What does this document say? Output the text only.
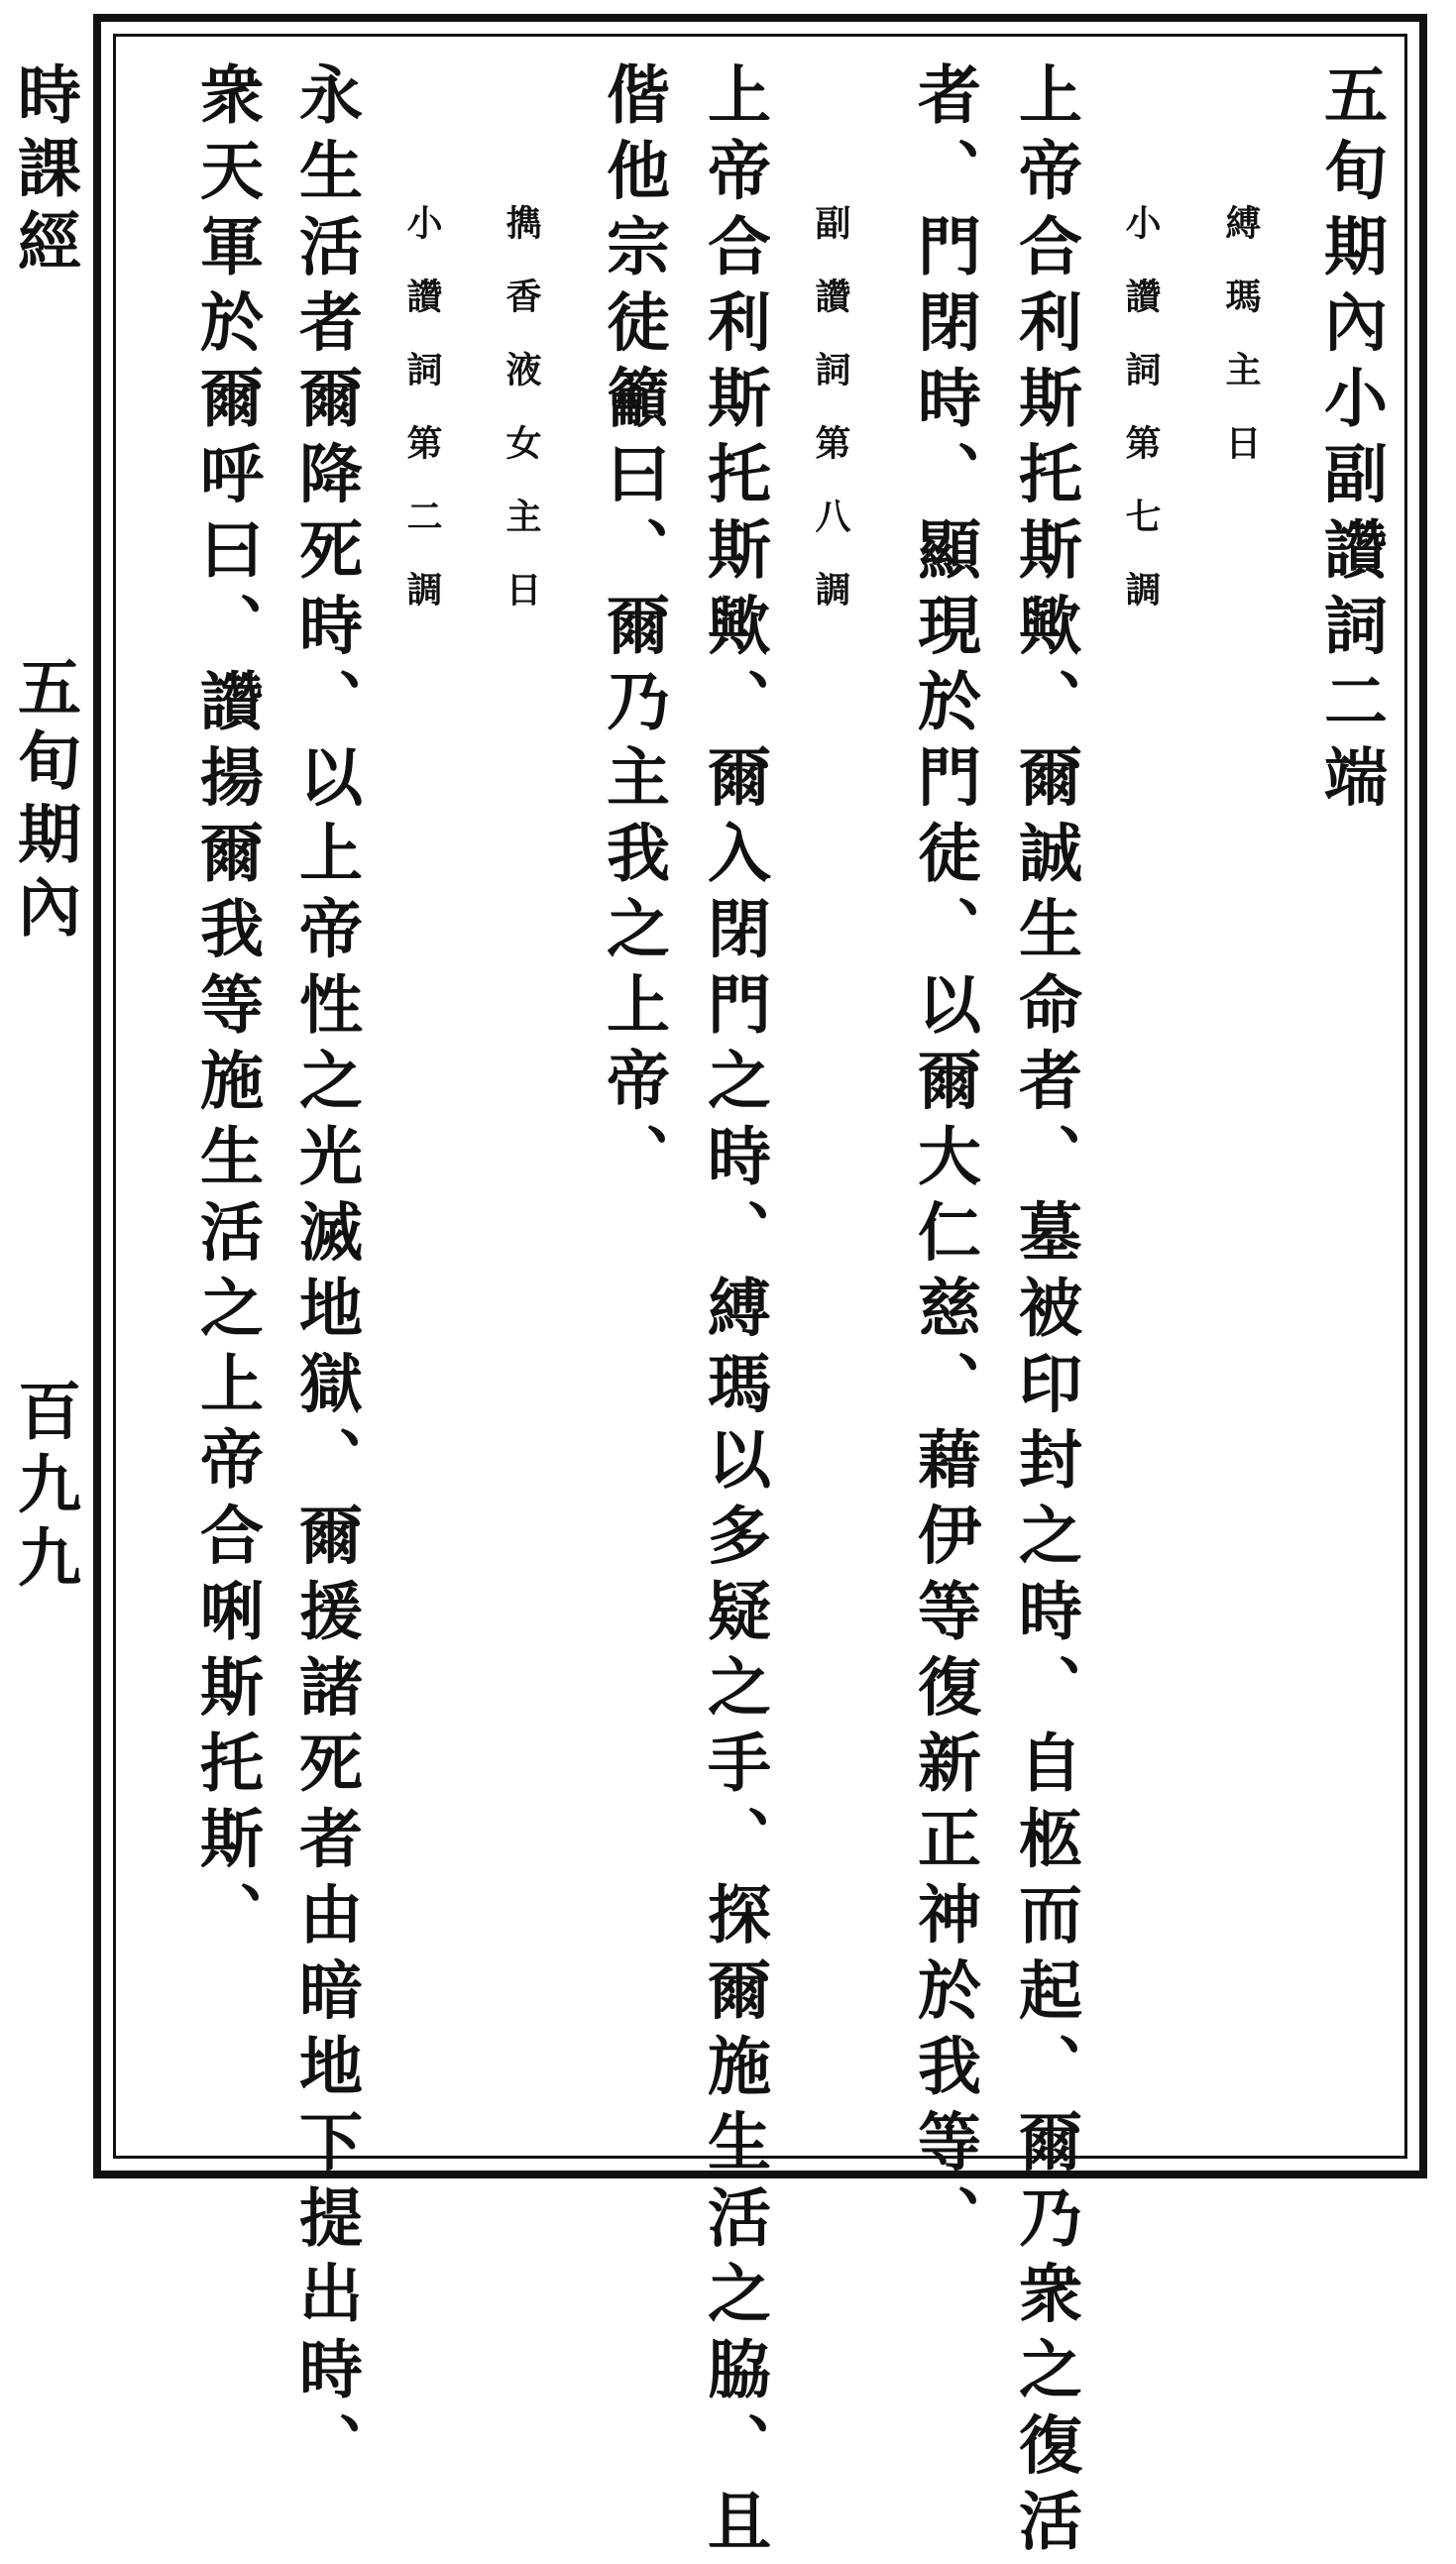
時課經
五旬期內
百九九
五旬期內小副讚詞二端
縛瑪主日
小讚詞第七調
上帝合利斯托斯歟、爾誠生命者、墓被印封之時、自柩而起、爾乃衆之復活
者、門閉時、顯現於門徒、以爾大仁慈、藉伊等復新正神於我等、
副讚詞第八調
上帝合利斯托斯歟、爾入閉門之時、縛瑪以多疑之手、探爾施生活之脇、且
偕他宗徒籲曰、爾乃主我之上帝、
擕香液女主日
小讚詞第二調
永生活者爾降死時、以上帝性之光滅地獄、爾援諸死者由暗地下提出時、
衆天軍於爾呼曰、讚揚爾我等施生活之上帝合唎斯托斯、
